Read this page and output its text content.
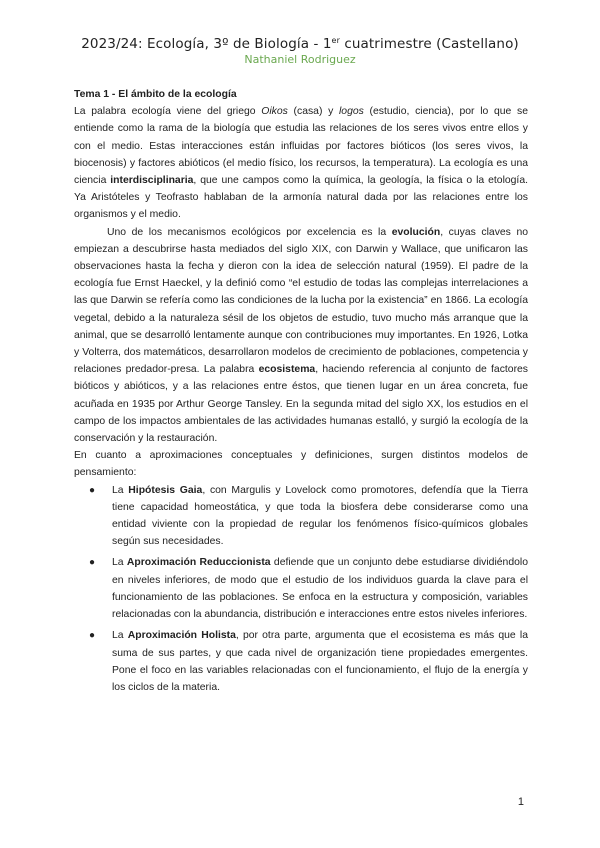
2023/24: Ecología, 3º de Biología - 1er cuatrimestre (Castellano)
Nathaniel Rodriguez

Tema 1 - El ámbito de la ecología

La palabra ecología viene del griego Oikos (casa) y logos (estudio, ciencia), por lo que se entiende como la rama de la biología que estudia las relaciones de los seres vivos entre ellos y con el medio. Estas interacciones están influidas por factores bióticos (los seres vivos, la biocenosis) y factores abióticos (el medio físico, los recursos, la temperatura). La ecología es una ciencia interdisciplinaria, que une campos como la química, la geología, la física o la etología. Ya Aristóteles y Teofrasto hablaban de la armonía natural dada por las relaciones entre los organismos y el medio.

Uno de los mecanismos ecológicos por excelencia es la evolución, cuyas claves no empiezan a descubrirse hasta mediados del siglo XIX, con Darwin y Wallace, que unificaron las observaciones hasta la fecha y dieron con la idea de selección natural (1959). El padre de la ecología fue Ernst Haeckel, y la definió como “el estudio de todas las complejas interrelaciones a las que Darwin se refería como las condiciones de la lucha por la existencia” en 1866. La ecología vegetal, debido a la naturaleza sésil de los objetos de estudio, tuvo mucho más arranque que la animal, que se desarrolló lentamente aunque con contribuciones muy importantes. En 1926, Lotka y Volterra, dos matemáticos, desarrollaron modelos de crecimiento de poblaciones, competencia y relaciones predador-presa. La palabra ecosistema, haciendo referencia al conjunto de factores bióticos y abióticos, y a las relaciones entre éstos, que tienen lugar en un área concreta, fue acuñada en 1935 por Arthur George Tansley. En la segunda mitad del siglo XX, los estudios en el campo de los impactos ambientales de las actividades humanas estalló, y surgió la ecología de la conservación y la restauración.

En cuanto a aproximaciones conceptuales y definiciones, surgen distintos modelos de pensamiento:

● La Hipótesis Gaia, con Margulis y Lovelock como promotores, defendía que la Tierra tiene capacidad homeostática, y que toda la biosfera debe considerarse como una entidad viviente con la propiedad de regular los fenómenos físico-químicos globales según sus necesidades.
● La Aproximación Reduccionista defiende que un conjunto debe estudiarse dividiéndolo en niveles inferiores, de modo que el estudio de los individuos guarda la clave para el funcionamiento de las poblaciones. Se enfoca en la estructura y composición, variables relacionadas con la abundancia, distribución e interacciones entre estos niveles inferiores.
● La Aproximación Holista, por otra parte, argumenta que el ecosistema es más que la suma de sus partes, y que cada nivel de organización tiene propiedades emergentes. Pone el foco en las variables relacionadas con el funcionamiento, el flujo de la energía y los ciclos de la materia.
1
